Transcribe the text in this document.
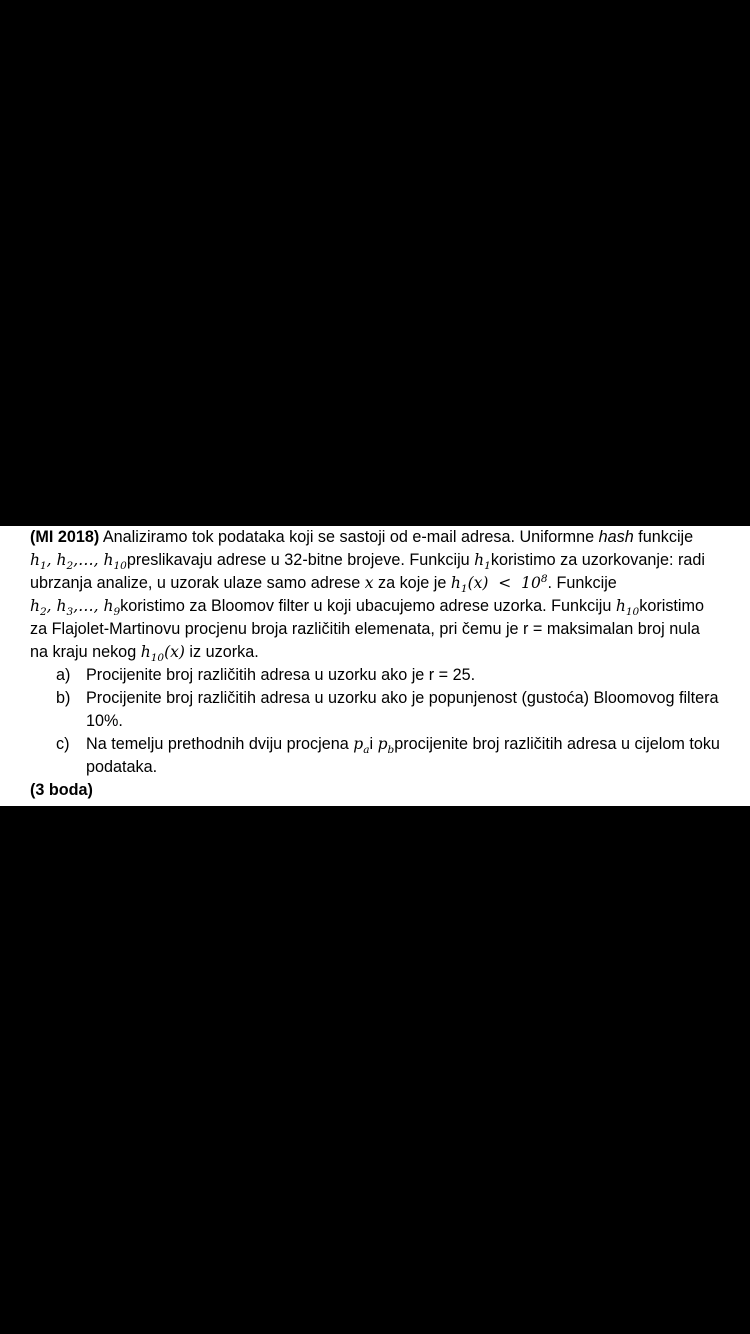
(MI 2018) Analiziramo tok podataka koji se sastoji od e-mail adresa. Uniformne hash funkcije
$h_1$, $h_2,\dots$, $h_{10}preslikavaju$ adrese u 32-bitne brojeve. Funkciju $h_1koristimo$ za uzorkovanje: radi
ubrzanja analize, u uzorak ulaze samo adrese x za koje je $h_1(x) < 10^8$. Funkcije
$h_2$, $h_3,\dots$, $h_9koristimo$ za Bloomov filter u koji ubacujemo adrese uzorka. Funkciju $h_{10}koristimo$
za Flajolet-Martinovu procjenu broja različitih elemenata, pri čemu je r = maksimalan broj nula
na kraju nekog $h_{10}(x)$ iz uzorka.
a) Procijenite broj različitih adresa u uzorku ako je r = 25.
b) Procijenite broj različitih adresa u uzorku ako je popunjenost (gustoća) Bloomovog filtera 10%.
c)	Na temelju prethodnih dviju procjena $p_ai$ $p_bprocijenite$ broj različitih adresa u cijelom toku podataka.
(3 boda)
